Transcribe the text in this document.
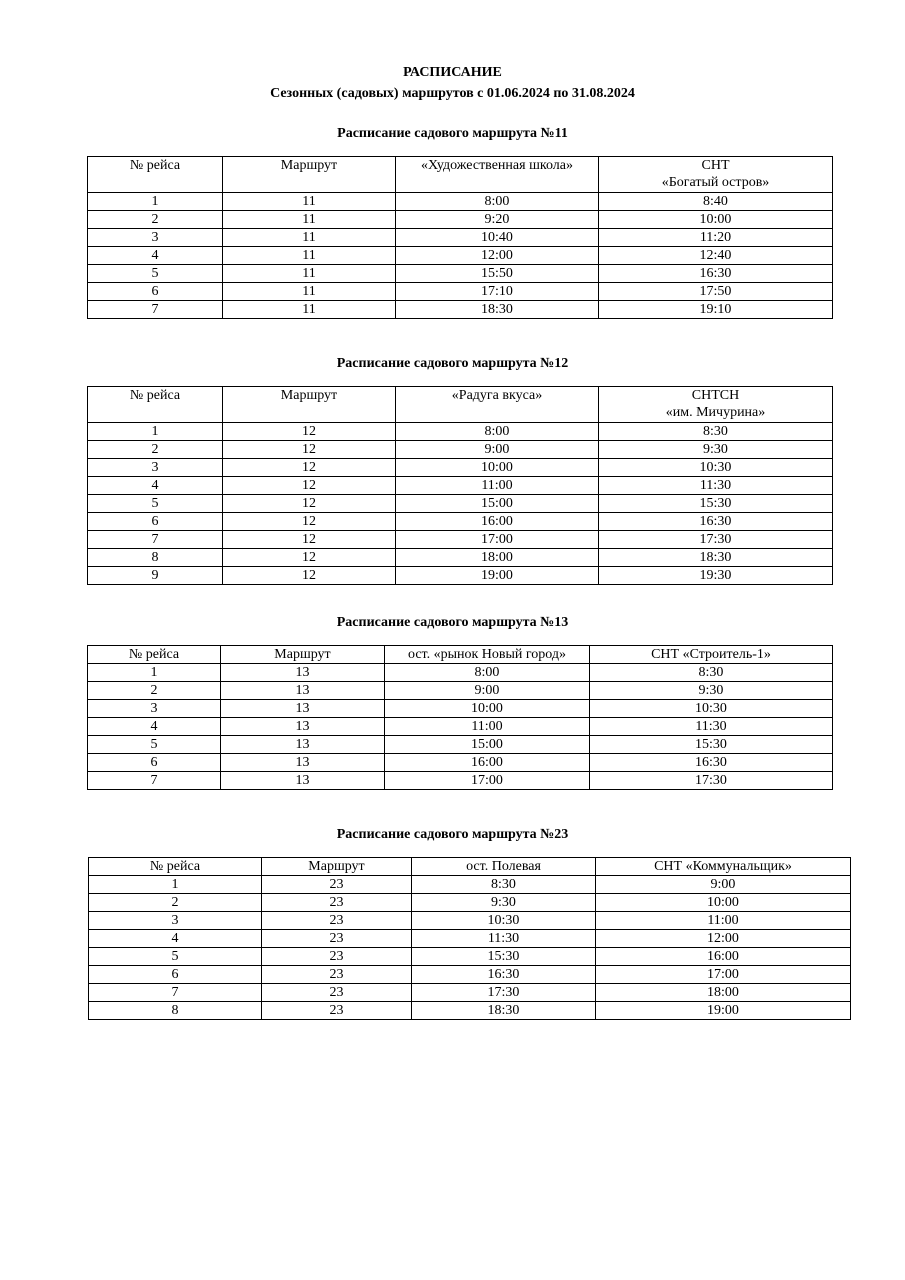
РАСПИСАНИЕ
Сезонных (садовых) маршрутов с 01.06.2024 по 31.08.2024
Расписание садового маршрута №11
№ рейса	Маршрут	«Художественная школа»	СНТ
«Богатый остров»

1	11	8:00	8:40
2	11	9:20	10:00
3	11	10:40	11:20
4	11	12:00	12:40
5	11	15:50	16:30
6	11	17:10	17:50
7	11	18:30	19:10
Расписание садового маршрута №12
№ рейса	Маршрут	«Радуга вкуса»	СНТСН
«им. Мичурина»

1	12	8:00	8:30
2	12	9:00	9:30
3	12	10:00	10:30
4	12	11:00	11:30
5	12	15:00	15:30
6	12	16:00	16:30
7	12	17:00	17:30
8	12	18:00	18:30
9	12	19:00	19:30
Расписание садового маршрута №13
№ рейса	Маршрут	ост. «рынок Новый город»	СНТ «Строитель-1»

1	13	8:00	8:30
2	13	9:00	9:30
3	13	10:00	10:30
4	13	11:00	11:30
5	13	15:00	15:30
6	13	16:00	16:30
7	13	17:00	17:30
Расписание садового маршрута №23
№ рейса	Маршрут	ост. Полевая	СНТ «Коммунальщик»

1	23	8:30	9:00
2	23	9:30	10:00
3	23	10:30	11:00
4	23	11:30	12:00
5	23	15:30	16:00
6	23	16:30	17:00
7	23	17:30	18:00
8	23	18:30	19:00
